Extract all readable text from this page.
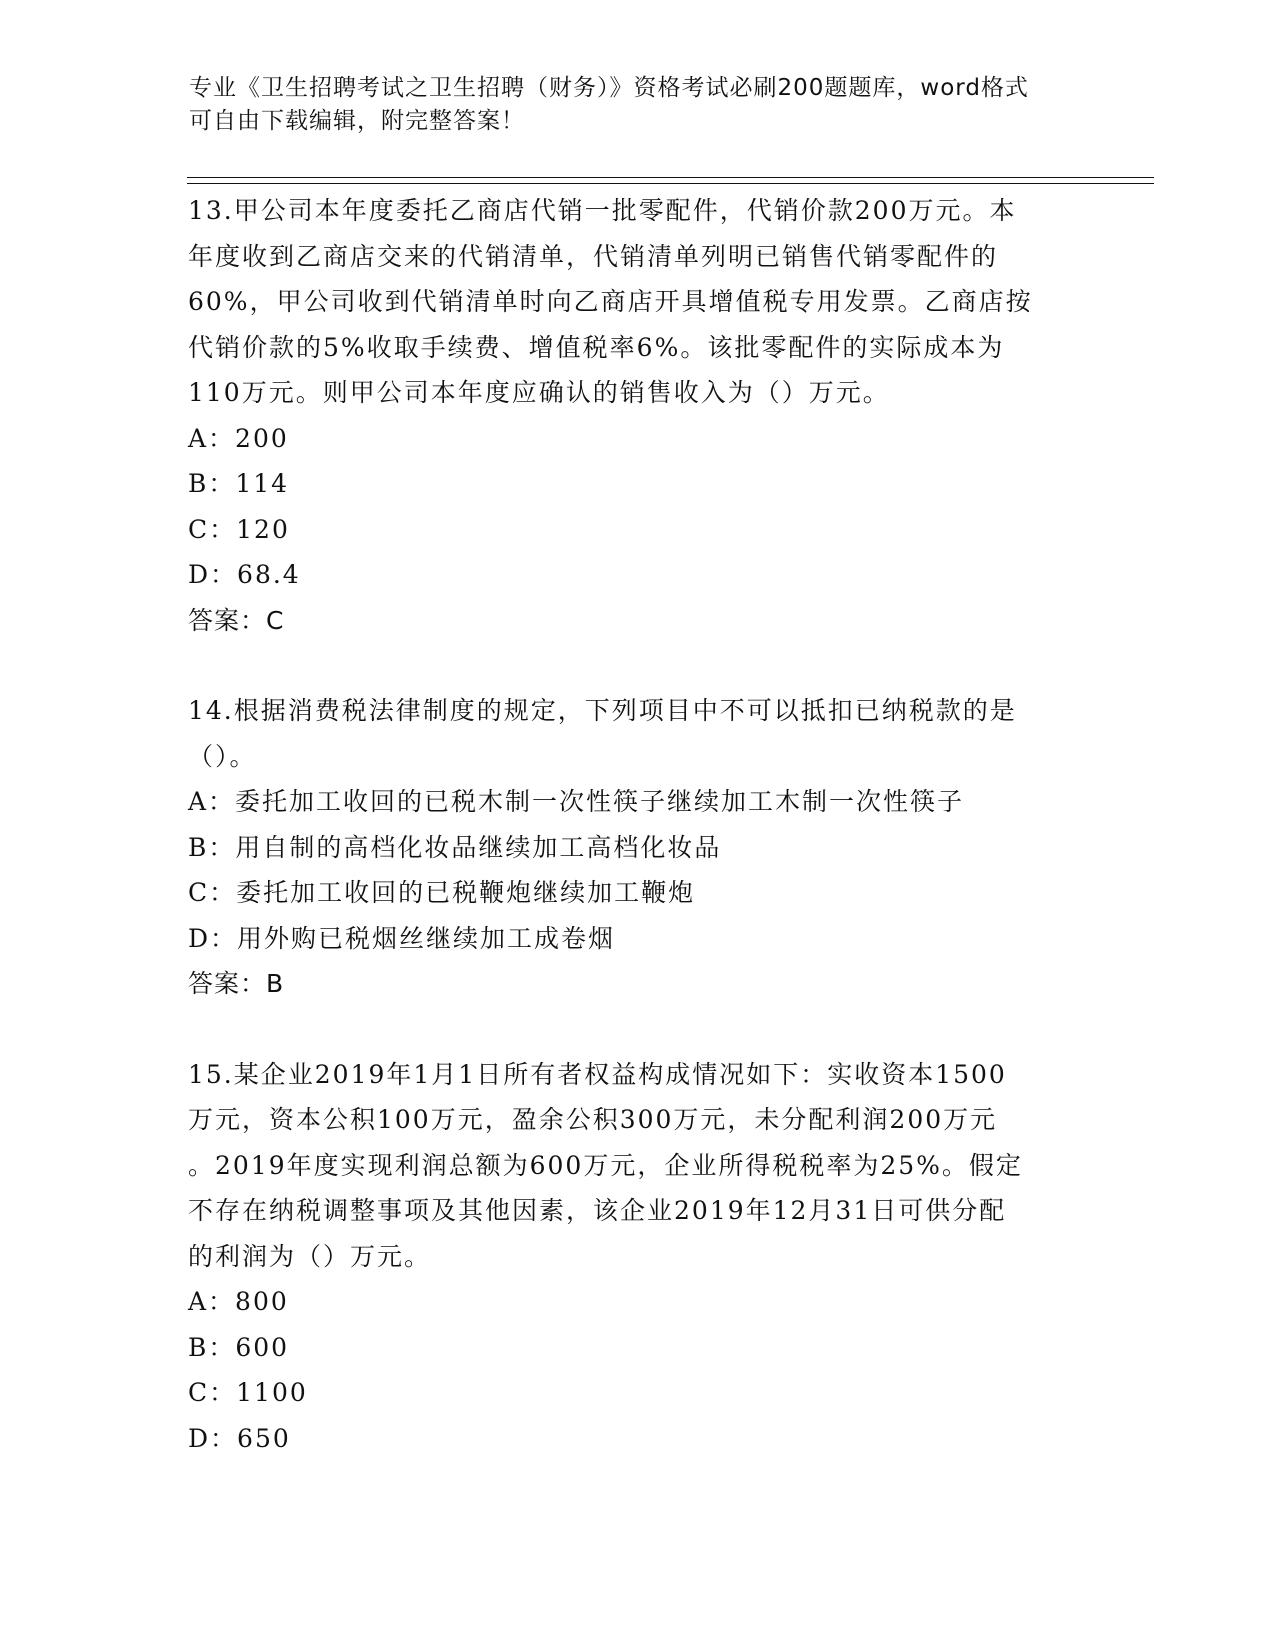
专业《卫生招聘考试之卫生招聘（财务）》资格考试必刷200题题库，word格式
可自由下载编辑，附完整答案！
13.甲公司本年度委托乙商店代销一批零配件，代销价款200万元。本
年度收到乙商店交来的代销清单，代销清单列明已销售代销零配件的
60%，甲公司收到代销清单时向乙商店开具增值税专用发票。乙商店按
代销价款的5%收取手续费、增值税率6%。该批零配件的实际成本为
110万元。则甲公司本年度应确认的销售收入为（）万元。
A：200
B：114
C：120
D：68.4
答案：C
14.根据消费税法律制度的规定，下列项目中不可以抵扣已纳税款的是
（）。
A：委托加工收回的已税木制一次性筷子继续加工木制一次性筷子
B：用自制的高档化妆品继续加工高档化妆品
C：委托加工收回的已税鞭炮继续加工鞭炮
D：用外购已税烟丝继续加工成卷烟
答案：B
15.某企业2019年1月1日所有者权益构成情况如下：实收资本1500
万元，资本公积100万元，盈余公积300万元，未分配利润200万元
。2019年度实现利润总额为600万元，企业所得税税率为25%。假定
不存在纳税调整事项及其他因素，该企业2019年12月31日可供分配
的利润为（）万元。
A：800
B：600
C：1100
D：650
